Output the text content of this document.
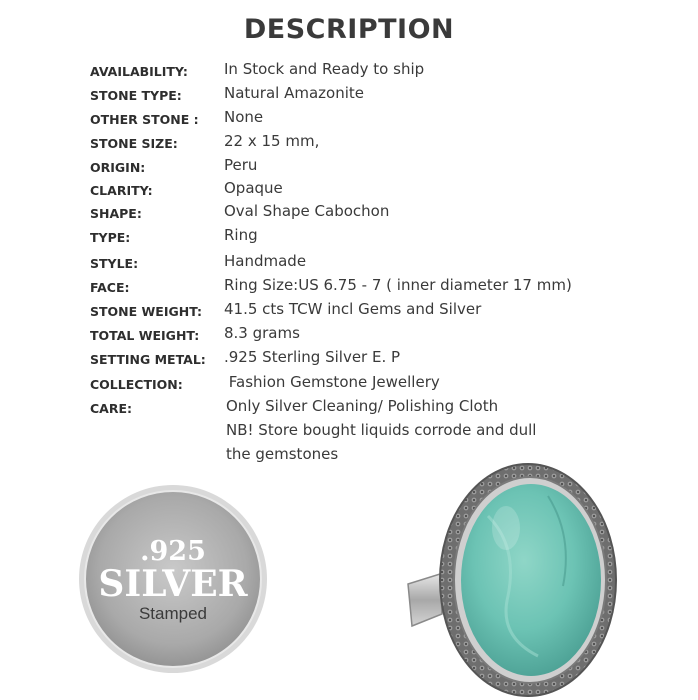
DESCRIPTION
AVAILABILITY: In Stock and Ready to ship
STONE TYPE:	Natural Amazonite
OTHER STONE : None
STONE SIZE:	22 x 15 mm,
ORIGIN:	Peru
CLARITY:	Opaque
SHAPE:	Oval Shape Cabochon
TYPE:	Ring
STYLE:	Handmade
FACE:	Ring Size:US 6.75 - 7 ( inner diameter 17 mm)
STONE WEIGHT: 41.5 cts TCW incl Gems and Silver
TOTAL WEIGHT: 8.3 grams
SETTING METAL: .925 Sterling Silver E. P
COLLECTION:	Fashion Gemstone Jewellery
CARE:	Only Silver Cleaning/ Polishing Cloth
NB! Store bought liquids corrode and dull
the gemstones
.925
SILVER
Stamped
